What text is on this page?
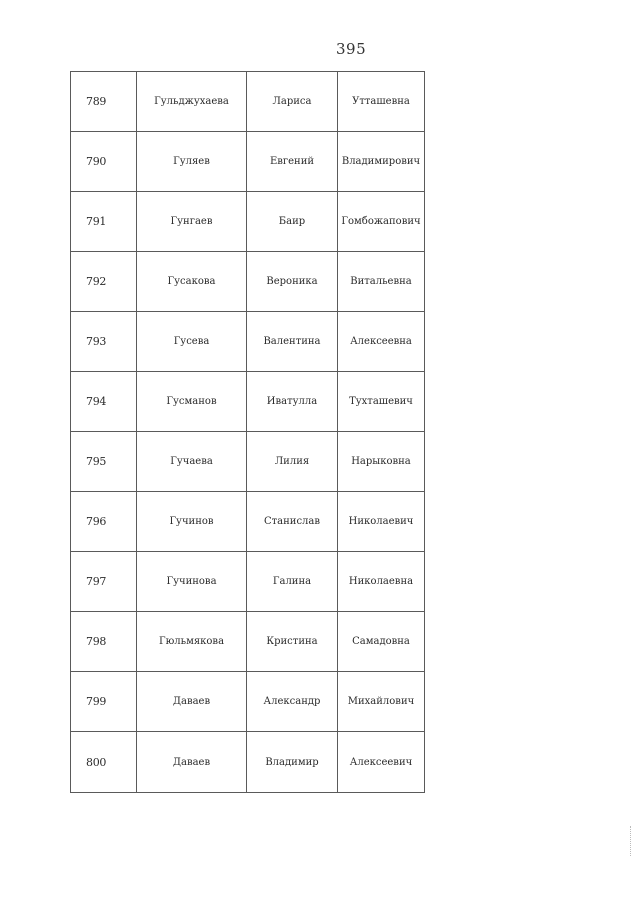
395
789	Гульджухаева	Лариса	Утташевна
790	Гуляев	Евгений	Владимирович
791	Гунгаев	Баир	Гомбожапович
792	Гусакова	Вероника	Витальевна
793	Гусева	Валентина	Алексеевна
794	Гусманов	Иватулла	Тухташевич
795	Гучаева	Лилия	Нарыковна
796	Гучинов	Станислав	Николаевич
797	Гучинова	Галина	Николаевна
798	Гюльмякова	Кристина	Самадовна
799	Даваев	Александр	Михайлович
800	Даваев	Владимир	Алексеевич
